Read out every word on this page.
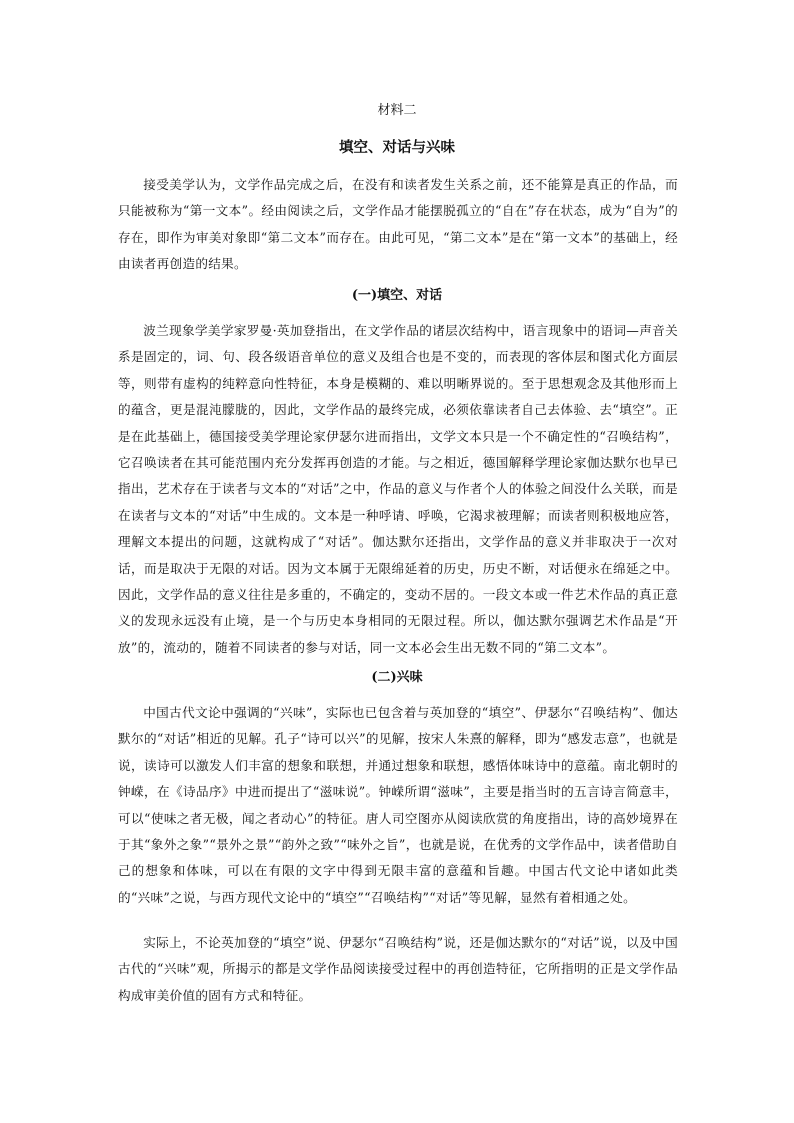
材料二
填空、对话与兴味

接受美学认为，文学作品完成之后，在没有和读者发生关系之前，还不能算是真正的作品，而只能被称为“第一文本”。经由阅读之后，文学作品才能摆脱孤立的“自在”存在状态，成为“自为”的存在，即作为审美对象即“第二文本”而存在。由此可见，“第二文本”是在“第一文本”的基础上，经由读者再创造的结果。

(一)填空、对话

波兰现象学美学家罗曼·英加登指出，在文学作品的诸层次结构中，语言现象中的语词—声音关系是固定的，词、句、段各级语音单位的意义及组合也是不变的，而表现的客体层和图式化方面层等，则带有虚构的纯粹意向性特征，本身是模糊的、难以明晰界说的。至于思想观念及其他形而上的蕴含，更是混沌朦胧的，因此，文学作品的最终完成，必须依靠读者自己去体验、去“填空”。正是在此基础上，德国接受美学理论家伊瑟尔进而指出，文学文本只是一个不确定性的“召唤结构”，它召唤读者在其可能范围内充分发挥再创造的才能。与之相近，德国解释学理论家伽达默尔也早已指出，艺术存在于读者与文本的“对话”之中，作品的意义与作者个人的体验之间没什么关联，而是在读者与文本的“对话”中生成的。文本是一种呼请、呼唤，它渴求被理解；而读者则积极地应答，理解文本提出的问题，这就构成了“对话”。伽达默尔还指出，文学作品的意义并非取决于一次对话，而是取决于无限的对话。因为文本属于无限绵延着的历史，历史不断，对话便永在绵延之中。因此，文学作品的意义往往是多重的，不确定的，变动不居的。一段文本或一件艺术作品的真正意义的发现永远没有止境，是一个与历史本身相同的无限过程。所以，伽达默尔强调艺术作品是“开放”的，流动的，随着不同读者的参与对话，同一文本必会生出无数不同的“第二文本”。

(二)兴味

中国古代文论中强调的“兴味”，实际也已包含着与英加登的“填空”、伊瑟尔“召唤结构”、伽达默尔的“对话”相近的见解。孔子“诗可以兴”的见解，按宋人朱熹的解释，即为“感发志意”，也就是说，读诗可以激发人们丰富的想象和联想，并通过想象和联想，感悟体味诗中的意蕴。南北朝时的钟嵘，在《诗品序》中进而提出了“滋味说”。钟嵘所谓“滋味”，主要是指当时的五言诗言简意丰，可以“使味之者无极，闻之者动心”的特征。唐人司空图亦从阅读欣赏的角度指出，诗的高妙境界在于其“象外之象”“景外之景”“韵外之致”“味外之旨”，也就是说，在优秀的文学作品中，读者借助自己的想象和体味，可以在有限的文字中得到无限丰富的意蕴和旨趣。中国古代文论中诸如此类的“兴味”之说，与西方现代文论中的“填空”“召唤结构”“对话”等见解，显然有着相通之处。

实际上，不论英加登的“填空”说、伊瑟尔“召唤结构”说，还是伽达默尔的“对话”说，以及中国古代的“兴味”观，所揭示的都是文学作品阅读接受过程中的再创造特征，它所指明的正是文学作品构成审美价值的固有方式和特征。
